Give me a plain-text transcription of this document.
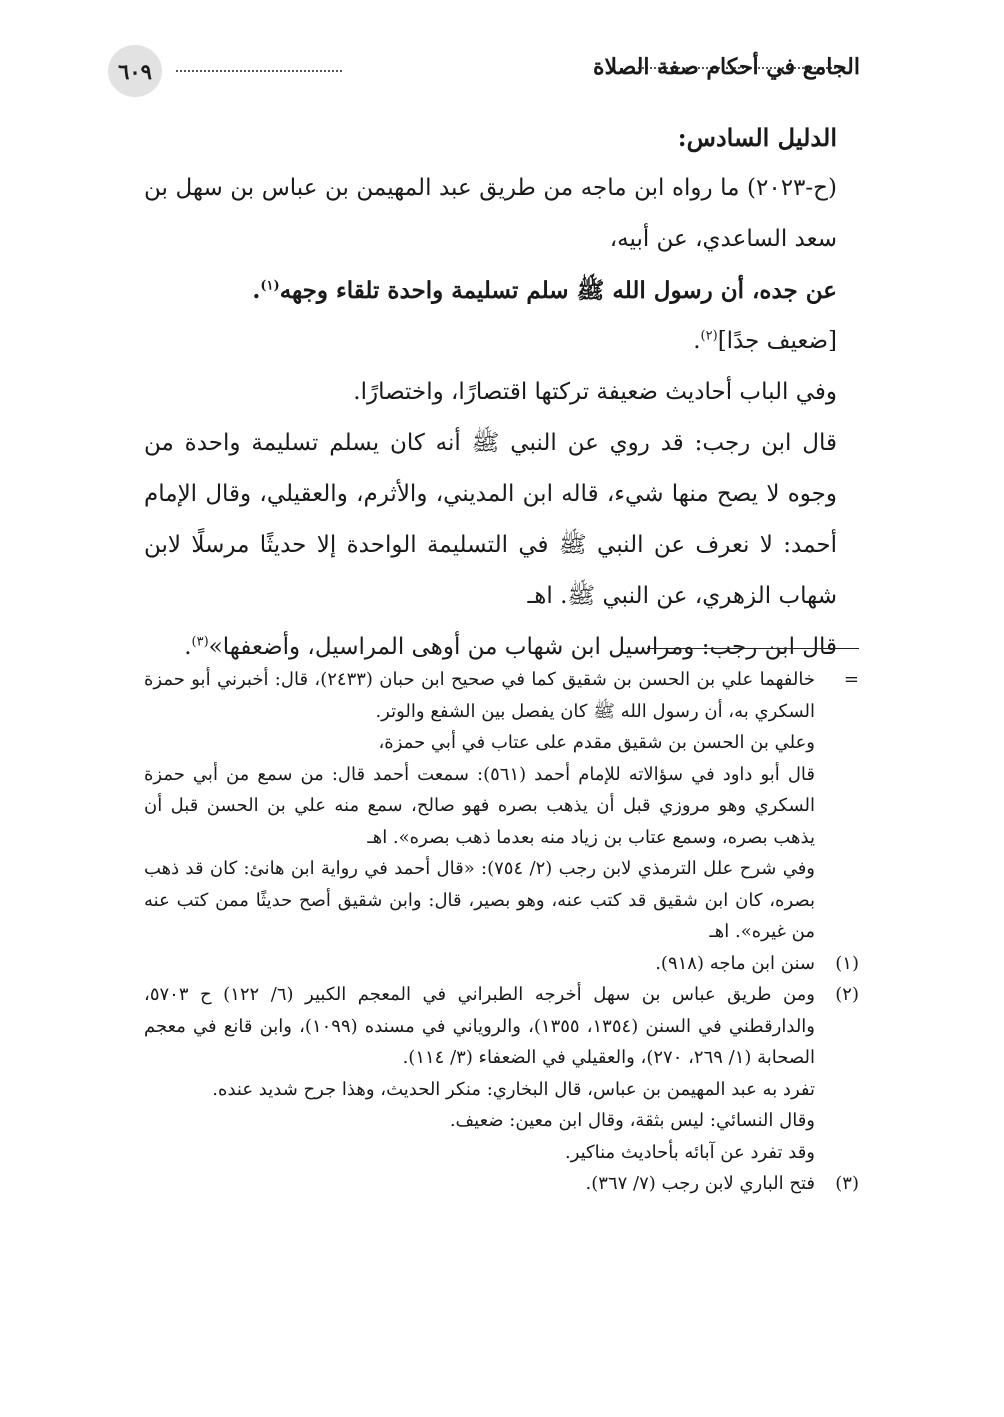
الجامع في أحكام صفة الصلاة
٦٠٩

الدليل السادس:

(ح-٢٠٢٣) ما رواه ابن ماجه من طريق عبد المهيمن بن عباس بن سهل بن سعد الساعدي، عن أبيه،

عن جده، أن رسول الله ﷺ سلم تسليمة واحدة تلقاء وجهه$^{(١)}$.

[ضعيف جدًا]$^{(٢)}$.

وفي الباب أحاديث ضعيفة تركتها اقتصارًا، واختصارًا.

قال ابن رجب: قد روي عن النبي ﷺ أنه كان يسلم تسليمة واحدة من وجوه لا يصح منها شيء، قاله ابن المديني، والأثرم، والعقيلي، وقال الإمام أحمد: لا نعرف عن النبي ﷺ في التسليمة الواحدة إلا حديثًا مرسلًا لابن شهاب الزهري، عن النبي ﷺ. اهـ

قال ابن رجب: ومراسيل ابن شهاب من أوهى المراسيل، وأضعفها»$^{(٣)}$.

=

خالفهما علي بن الحسن بن شقيق كما في صحيح ابن حبان (٢٤٣٣)، قال: أخبرني أبو حمزة السكري به، أن رسول الله ﷺ كان يفصل بين الشفع والوتر.

وعلي بن الحسن بن شقيق مقدم على عتاب في أبي حمزة،

قال أبو داود في سؤالاته للإمام أحمد (٥٦١): سمعت أحمد قال: من سمع من أبي حمزة السكري وهو مروزي قبل أن يذهب بصره فهو صالح، سمع منه علي بن الحسن قبل أن يذهب بصره، وسمع عتاب بن زياد منه بعدما ذهب بصره». اهـ

وفي شرح علل الترمذي لابن رجب (٢/ ٧٥٤): «قال أحمد في رواية ابن هانئ: كان قد ذهب بصره، كان ابن شقيق قد كتب عنه، وهو بصير، قال: وابن شقيق أصح حديثًا ممن كتب عنه من غيره». اهـ

(١)

سنن ابن ماجه (٩١٨).

(٢)

ومن طريق عباس بن سهل أخرجه الطبراني في المعجم الكبير (٦/ ١٢٢) ح ٥٧٠٣، والدارقطني في السنن (١٣٥٤، ١٣٥٥)، والروياني في مسنده (١٠٩٩)، وابن قانع في معجم الصحابة (١/ ٢٦٩، ٢٧٠)، والعقيلي في الضعفاء (٣/ ١١٤).

تفرد به عبد المهيمن بن عباس، قال البخاري: منكر الحديث، وهذا جرح شديد عنده.

وقال النسائي: ليس بثقة، وقال ابن معين: ضعيف.

وقد تفرد عن آبائه بأحاديث مناكير.

(٣)

فتح الباري لابن رجب (٧/ ٣٦٧).
